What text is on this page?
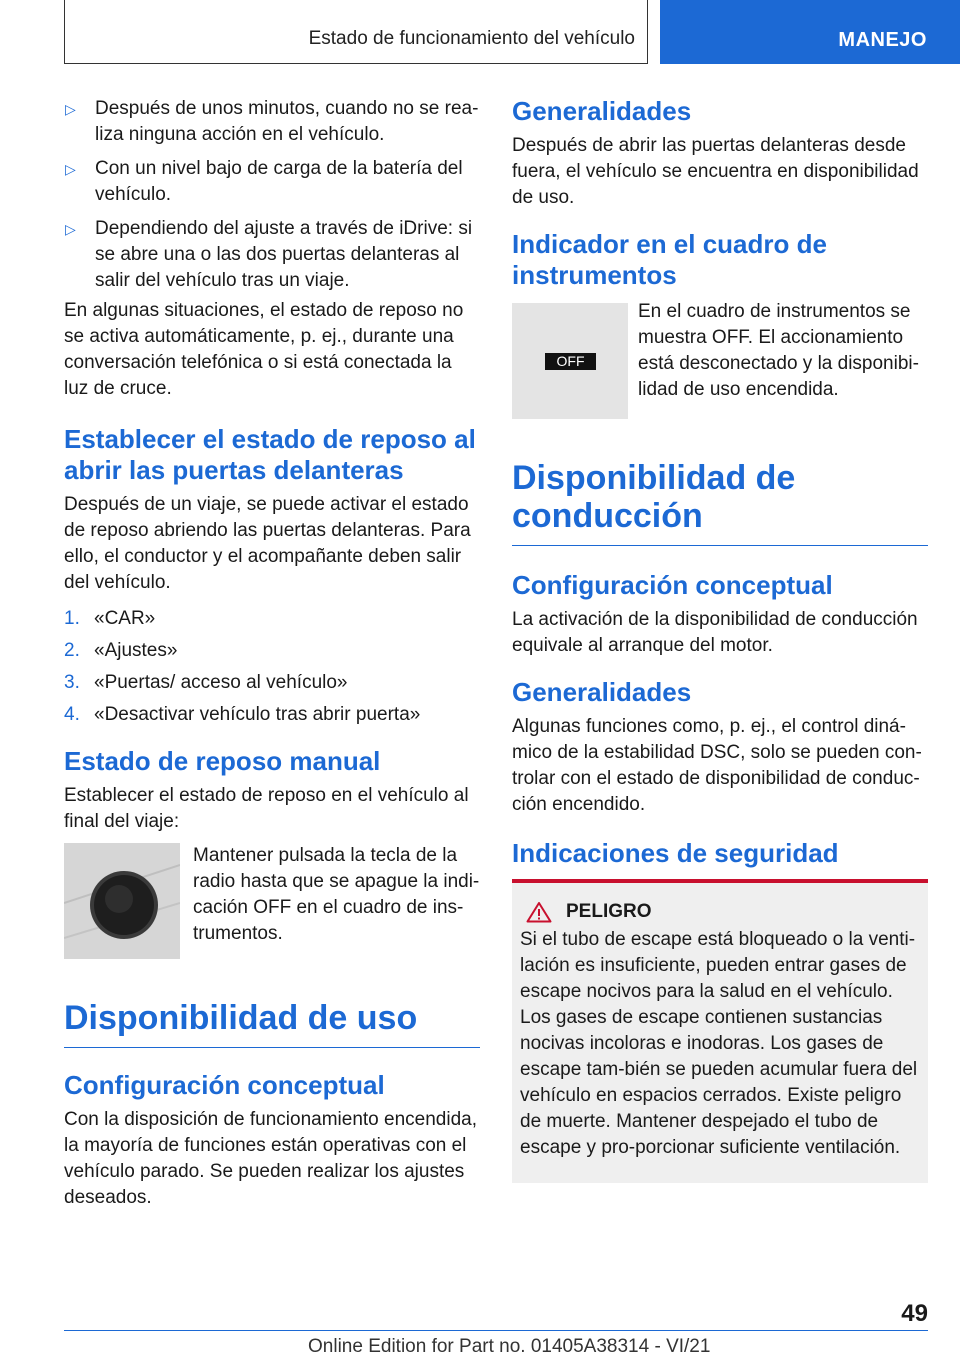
Estado de funcionamiento del vehículo	MANEJO
▷	Después de unos minutos, cuando no se rea-liza ninguna acción en el vehículo.
▷	Con un nivel bajo de carga de la batería del vehículo.
▷	Dependiendo del ajuste a través de iDrive: si se abre una o las dos puertas delanteras al salir del vehículo tras un viaje.

En algunas situaciones, el estado de reposo no se activa automáticamente, p. ej., durante una conversación telefónica o si está conectada la luz de cruce.

Establecer el estado de reposo al abrir las puertas delanteras

Después de un viaje, se puede activar el estado de reposo abriendo las puertas delanteras. Para ello, el conductor y el acompañante deben salir del vehículo.

1. «CAR»
2. «Ajustes»
3. «Puertas/ acceso al vehículo»
4. «Desactivar vehículo tras abrir puerta»
Estado de reposo manual

Establecer el estado de reposo en el vehículo al final del viaje:

Mantener pulsada la tecla de la radio hasta que se apague la indi-cación OFF en el cuadro de ins-trumentos.

Disponibilidad de uso
Configuración conceptual

Con la disposición de funcionamiento encendida, la mayoría de funciones están operativas con el vehículo parado. Se pueden realizar los ajustes deseados.

Generalidades

Después de abrir las puertas delanteras desde fuera, el vehículo se encuentra en disponibilidad de uso.

Indicador en el cuadro de instrumentos
OFF

En el cuadro de instrumentos se muestra OFF. El accionamiento está desconectado y la disponibi-lidad de uso encendida.

Disponibilidad de conducción
Configuración conceptual

La activación de la disponibilidad de conducción equivale al arranque del motor.

Generalidades

Algunas funciones como, p. ej., el control diná-mico de la estabilidad DSC, solo se pueden con-trolar con el estado de disponibilidad de conduc-ción encendido.

Indicaciones de seguridad
PELIGRO

Si el tubo de escape está bloqueado o la venti-lación es insuficiente, pueden entrar gases de escape nocivos para la salud en el vehículo. Los gases de escape contienen sustancias nocivas incoloras e inodoras. Los gases de escape tam-bién se pueden acumular fuera del vehículo en espacios cerrados. Existe peligro de muerte. Mantener despejado el tubo de escape y pro-porcionar suficiente ventilación.

49
Online Edition for Part no. 01405A38314 - VI/21
